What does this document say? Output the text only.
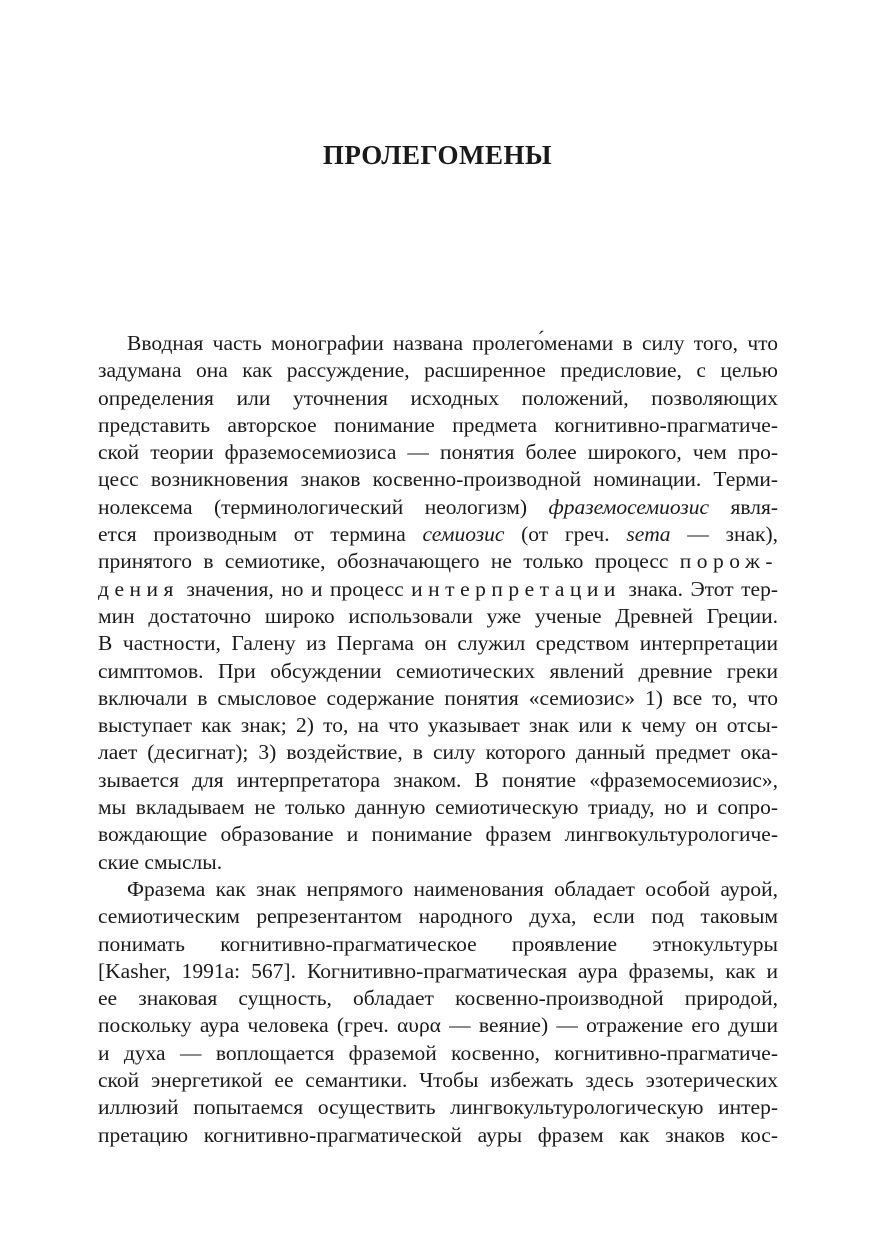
ПРОЛЕГОМЕНЫ
Вводная часть монографии названа пролего́менами в силу того, что
задумана она как рассуждение, расширенное предисловие, с целью
определения или уточнения исходных положений, позволяющих
представить авторское понимание предмета когнитивно-прагматиче-
ской теории фраземосемиозиса — понятия более широкого, чем про-
цесс возникновения знаков косвенно-производной номинации. Терми-
нолексема (терминологический неологизм) фраземосемиозис явля-
ется производным от термина семиозис (от греч. sema — знак),
принятого в семиотике, обозначающего не только процесс порож-
дения значения, но и процесс интерпретации знака. Этот тер-
мин достаточно широко использовали уже ученые Древней Греции.
В частности, Галену из Пергама он служил средством интерпретации
симптомов. При обсуждении семиотических явлений древние греки
включали в смысловое содержание понятия «семиозис» 1) все то, что
выступает как знак; 2) то, на что указывает знак или к чему он отсы-
лает (десигнат); 3) воздействие, в силу которого данный предмет ока-
зывается для интерпретатора знаком. В понятие «фраземосемиозис»,
мы вкладываем не только данную семиотическую триаду, но и сопро-
вождающие образование и понимание фразем лингвокультурологиче-
ские смыслы.
Фразема как знак непрямого наименования обладает особой аурой,
семиотическим репрезентантом народного духа, если под таковым
понимать когнитивно-прагматическое проявление этнокультуры
[Kasher, 1991a: 567]. Когнитивно-прагматическая аура фраземы, как и
ее знаковая сущность, обладает косвенно-производной природой,
поскольку аура человека (греч. αυρα — веяние) — отражение его души
и духа — воплощается фраземой косвенно, когнитивно-прагматиче-
ской энергетикой ее семантики. Чтобы избежать здесь эзотерических
иллюзий попытаемся осуществить лингвокультурологическую интер-
претацию когнитивно-прагматической ауры фразем как знаков кос-
